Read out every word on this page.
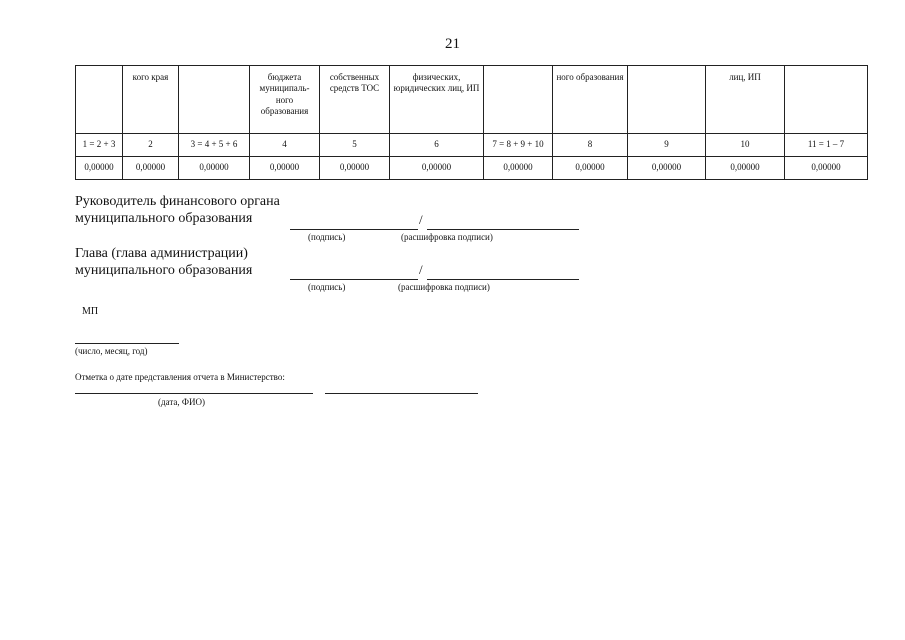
21
	кого края		бюджета муниципаль-ного образования	собственных средств ТОС	физических, юридических лиц, ИП		ного образования		лиц, ИП	
1 = 2 + 3	2	3 = 4 + 5 + 6	4	5	6	7 = 8 + 9 + 10	8	9	10	11 = 1 – 7
0,00000	0,00000	0,00000	0,00000	0,00000	0,00000	0,00000	0,00000	0,00000	0,00000	0,00000
Руководитель финансового органа
муниципального образования	/
(подпись)	(расшифровка подписи)
Глава (глава администрации)
муниципального образования	/
(подпись)	(расшифровка подписи)
МП
(число, месяц, год)
Отметка о дате представления отчета в Министерство:
(дата, ФИО)
